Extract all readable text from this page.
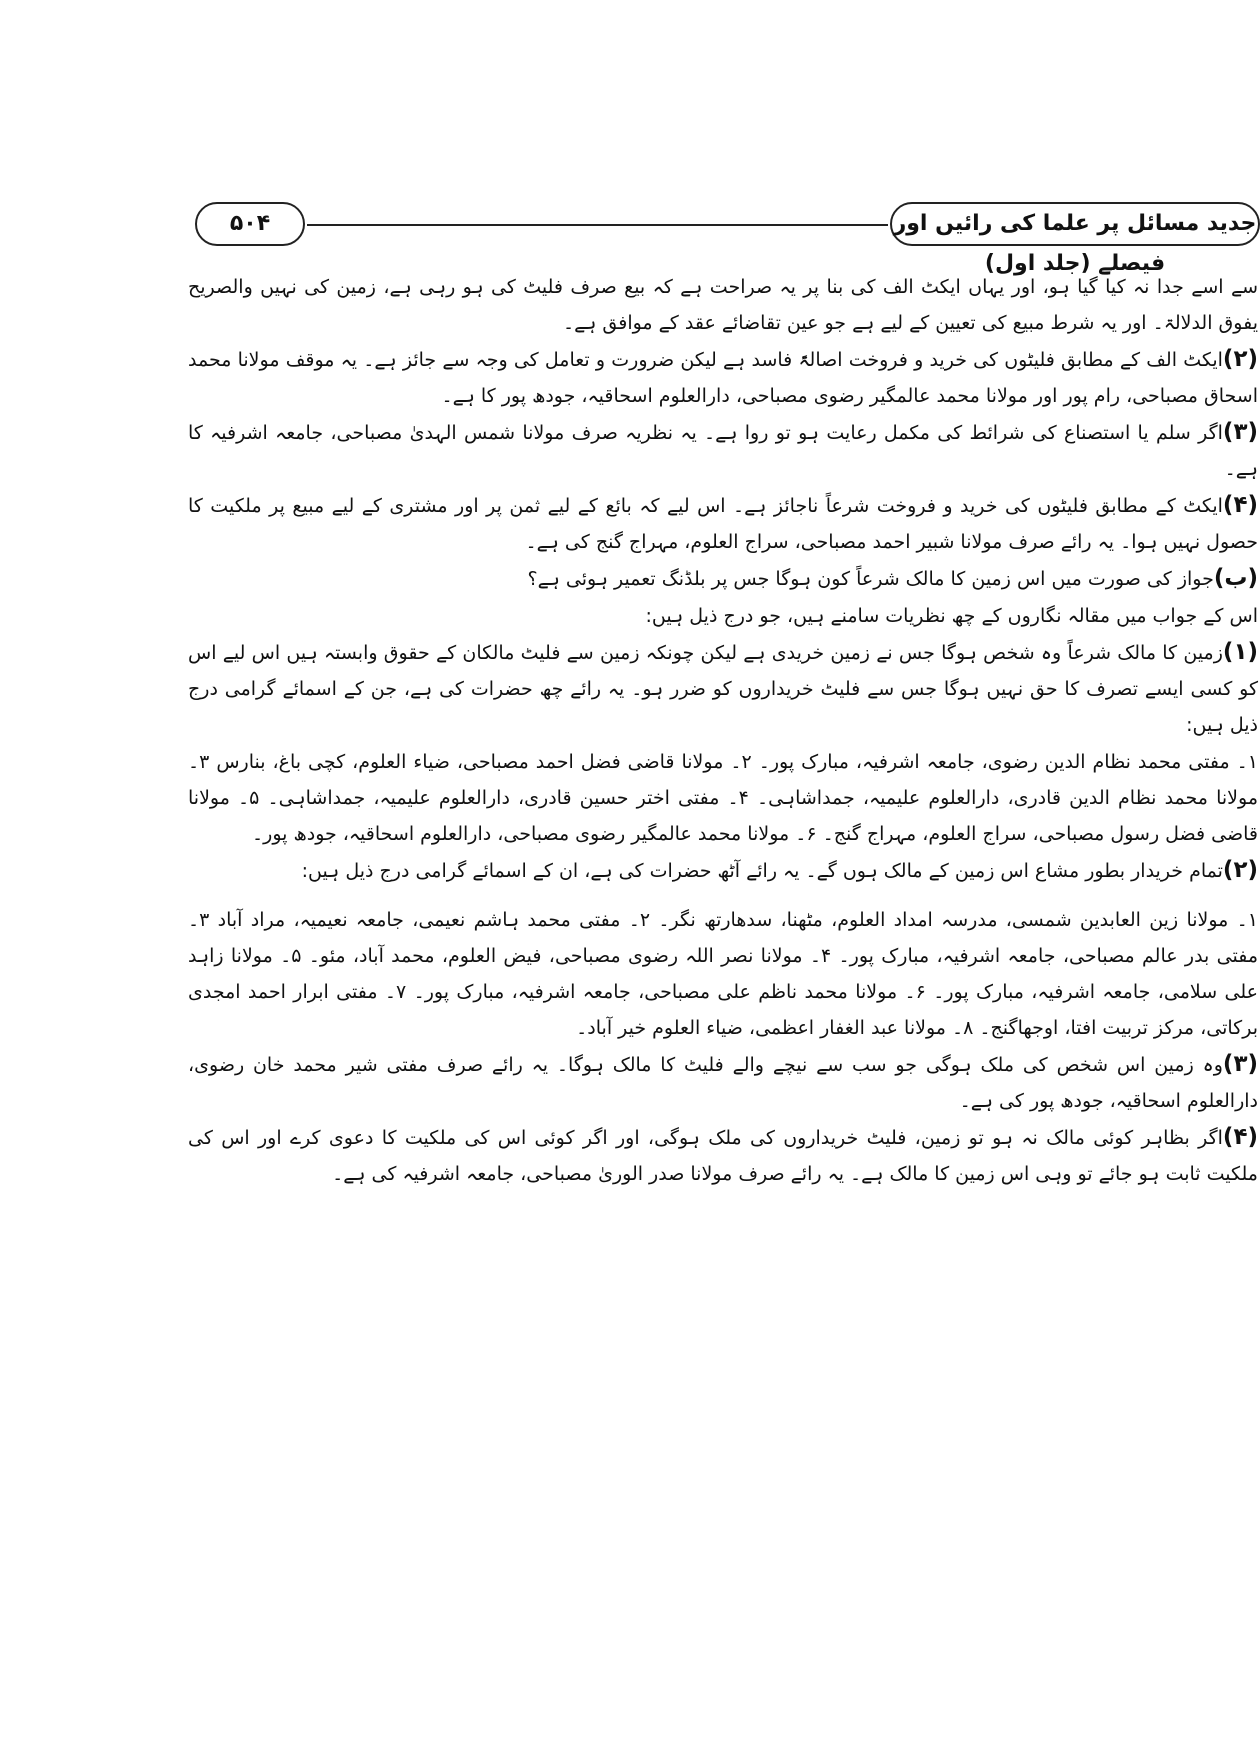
جدید مسائل پر علما کی رائیں اور فیصلے (جلد اول)
۵۰۴

سے اسے جدا نہ کیا گیا ہو، اور یہاں ایکٹ الف کی بنا پر یہ صراحت ہے کہ بیع صرف فلیٹ کی ہو رہی ہے، زمین کی نہیں والصریح یفوق الدلالۃ۔ اور یہ شرط مبیع کی تعیین کے لیے ہے جو عین تقاضائے عقد کے موافق ہے۔

(۲)ایکٹ الف کے مطابق فلیٹوں کی خرید و فروخت اصالۃً فاسد ہے لیکن ضرورت و تعامل کی وجہ سے جائز ہے۔ یہ موقف مولانا محمد اسحاق مصباحی، رام پور اور مولانا محمد عالمگیر رضوی مصباحی، دارالعلوم اسحاقیہ، جودھ پور کا ہے۔

(۳)اگر سلم یا استصناع کی شرائط کی مکمل رعایت ہو تو روا ہے۔ یہ نظریہ صرف مولانا شمس الہدیٰ مصباحی، جامعہ اشرفیہ کا ہے۔

(۴)ایکٹ کے مطابق فلیٹوں کی خرید و فروخت شرعاً ناجائز ہے۔ اس لیے کہ بائع کے لیے ثمن پر اور مشتری کے لیے مبیع پر ملکیت کا حصول نہیں ہوا۔ یہ رائے صرف مولانا شبیر احمد مصباحی، سراج العلوم، مہراج گنج کی ہے۔

(ب)جواز کی صورت میں اس زمین کا مالک شرعاً کون ہوگا جس پر بلڈنگ تعمیر ہوئی ہے؟

اس کے جواب میں مقالہ نگاروں کے چھ نظریات سامنے ہیں، جو درج ذیل ہیں:

(۱)زمین کا مالک شرعاً وہ شخص ہوگا جس نے زمین خریدی ہے لیکن چونکہ زمین سے فلیٹ مالکان کے حقوق وابستہ ہیں اس لیے اس کو کسی ایسے تصرف کا حق نہیں ہوگا جس سے فلیٹ خریداروں کو ضرر ہو۔ یہ رائے چھ حضرات کی ہے، جن کے اسمائے گرامی درج ذیل ہیں:

۱۔ مفتی محمد نظام الدین رضوی، جامعہ اشرفیہ، مبارک پور۔ ۲۔ مولانا قاضی فضل احمد مصباحی، ضیاء العلوم، کچی باغ، بنارس ۳۔ مولانا محمد نظام الدین قادری، دارالعلوم علیمیہ، جمداشاہی۔ ۴۔ مفتی اختر حسین قادری، دارالعلوم علیمیہ، جمداشاہی۔ ۵۔ مولانا قاضی فضل رسول مصباحی، سراج العلوم، مہراج گنج۔ ۶۔ مولانا محمد عالمگیر رضوی مصباحی، دارالعلوم اسحاقیہ، جودھ پور۔

(۲)تمام خریدار بطور مشاع اس زمین کے مالک ہوں گے۔ یہ رائے آٹھ حضرات کی ہے، ان کے اسمائے گرامی درج ذیل ہیں:

۱۔ مولانا زین العابدین شمسی، مدرسہ امداد العلوم، مٹھنا، سدھارتھ نگر۔ ۲۔ مفتی محمد ہاشم نعیمی، جامعہ نعیمیہ، مراد آباد ۳۔ مفتی بدر عالم مصباحی، جامعہ اشرفیہ، مبارک پور۔ ۴۔ مولانا نصر اللہ رضوی مصباحی، فیض العلوم، محمد آباد، مئو۔ ۵۔ مولانا زاہد علی سلامی، جامعہ اشرفیہ، مبارک پور۔ ۶۔ مولانا محمد ناظم علی مصباحی، جامعہ اشرفیہ، مبارک پور۔ ۷۔ مفتی ابرار احمد امجدی برکاتی، مرکز تربیت افتا، اوجھاگنج۔ ۸۔ مولانا عبد الغفار اعظمی، ضیاء العلوم خیر آباد۔

(۳)وہ زمین اس شخص کی ملک ہوگی جو سب سے نیچے والے فلیٹ کا مالک ہوگا۔ یہ رائے صرف مفتی شیر محمد خان رضوی، دارالعلوم اسحاقیہ، جودھ پور کی ہے۔

(۴)اگر بظاہر کوئی مالک نہ ہو تو زمین، فلیٹ خریداروں کی ملک ہوگی، اور اگر کوئی اس کی ملکیت کا دعوی کرے اور اس کی ملکیت ثابت ہو جائے تو وہی اس زمین کا مالک ہے۔ یہ رائے صرف مولانا صدر الوریٰ مصباحی، جامعہ اشرفیہ کی ہے۔
